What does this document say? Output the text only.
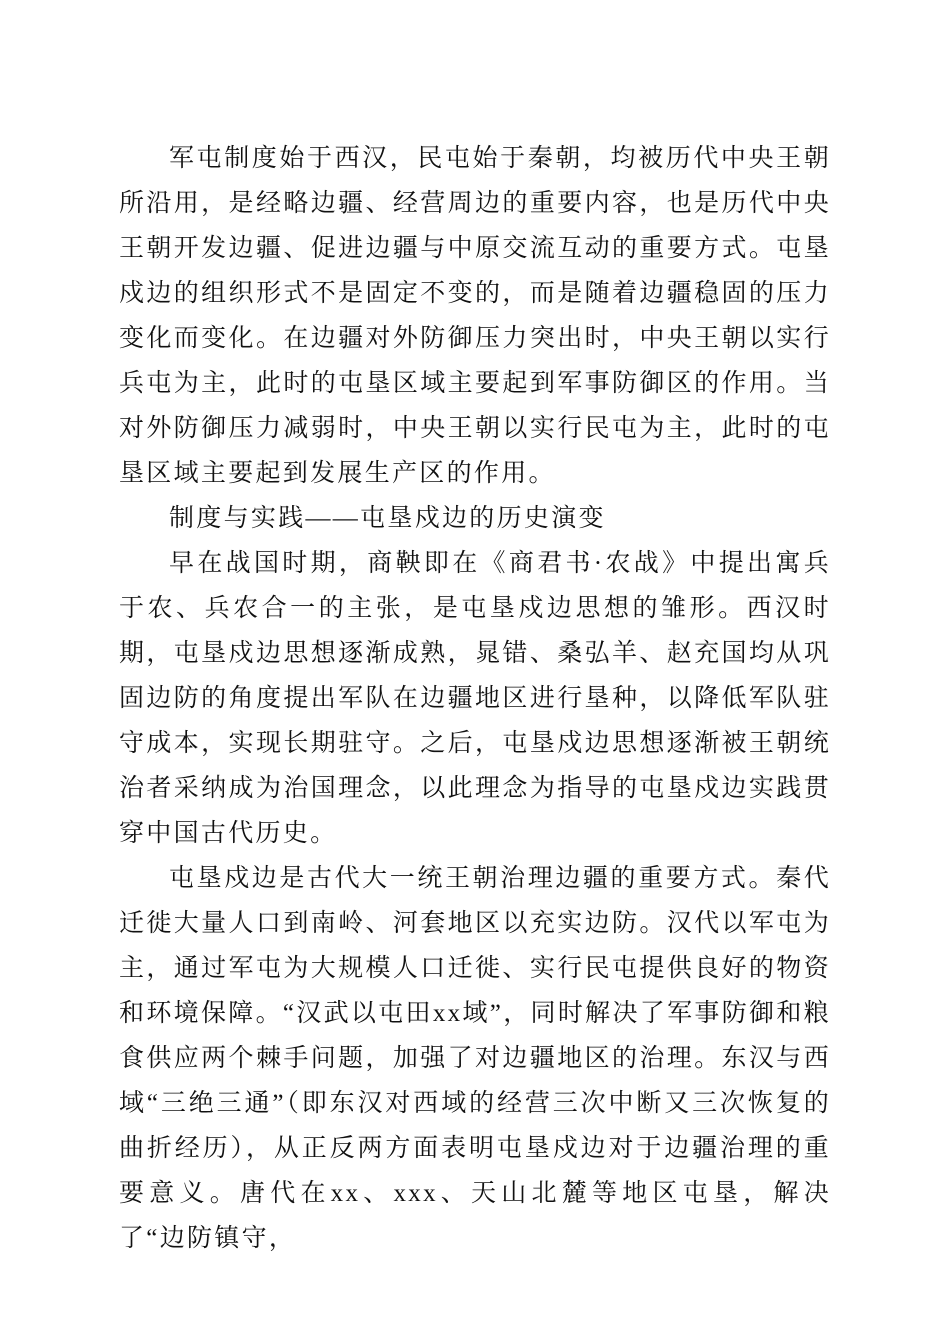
军屯制度始于西汉，民屯始于秦朝，均被历代中央王朝所沿用，是经略边疆、经营周边的重要内容，也是历代中央王朝开发边疆、促进边疆与中原交流互动的重要方式。屯垦戍边的组织形式不是固定不变的，而是随着边疆稳固的压力变化而变化。在边疆对外防御压力突出时，中央王朝以实行兵屯为主，此时的屯垦区域主要起到军事防御区的作用。当对外防御压力减弱时，中央王朝以实行民屯为主，此时的屯垦区域主要起到发展生产区的作用。

制度与实践——屯垦戍边的历史演变

早在战国时期，商鞅即在《商君书·农战》中提出寓兵于农、兵农合一的主张，是屯垦戍边思想的雏形。西汉时期，屯垦戍边思想逐渐成熟，晁错、桑弘羊、赵充国均从巩固边防的角度提出军队在边疆地区进行垦种，以降低军队驻守成本，实现长期驻守。之后，屯垦戍边思想逐渐被王朝统治者采纳成为治国理念，以此理念为指导的屯垦戍边实践贯穿中国古代历史。

屯垦戍边是古代大一统王朝治理边疆的重要方式。秦代迁徙大量人口到南岭、河套地区以充实边防。汉代以军屯为主，通过军屯为大规模人口迁徙、实行民屯提供良好的物资和环境保障。“汉武以屯田xx域”，同时解决了军事防御和粮食供应两个棘手问题，加强了对边疆地区的治理。东汉与西域“三绝三通”（即东汉对西域的经营三次中断又三次恢复的曲折经历），从正反两方面表明屯垦戍边对于边疆治理的重要意义。唐代在xx、xxx、天山北麓等地区屯垦，解决了“边防镇守，
